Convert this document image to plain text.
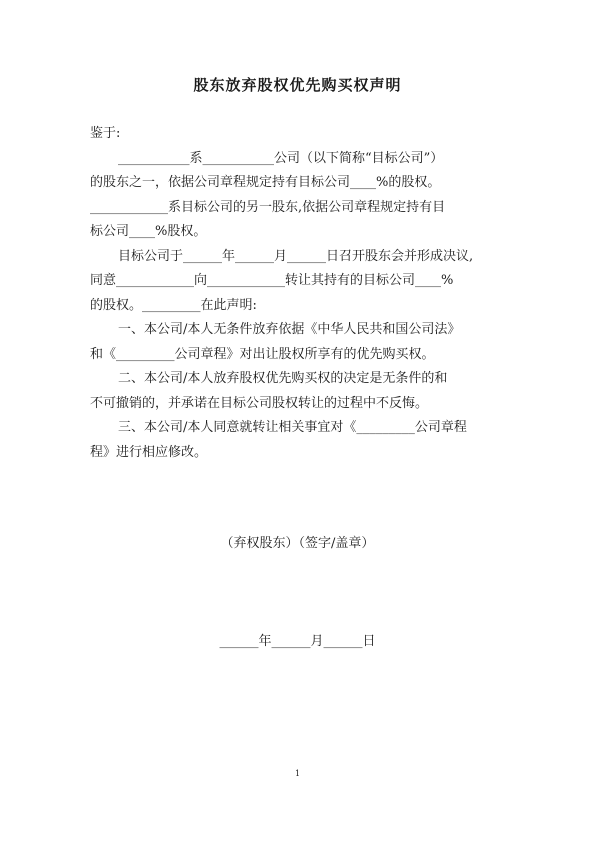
股东放弃股权优先购买权声明

鉴于:

___________系___________公司（以下简称“目标公司”）

的股东之一，依据公司章程规定持有目标公司____%的股权。

____________系目标公司的另一股东,依据公司章程规定持有目

标公司____%股权。

目标公司于______年______月______日召开股东会并形成决议,

同意____________向____________转让其持有的目标公司____%

的股权。_________在此声明:

一、本公司/本人无条件放弃依据《中华人民共和国公司法》

和《_________公司章程》对出让股权所享有的优先购买权。

二、本公司/本人放弃股权优先购买权的决定是无条件的和

不可撤销的，并承诺在目标公司股权转让的过程中不反悔。

三、本公司/本人同意就转让相关事宜对《_________公司章程

程》进行相应修改。

（弃权股东）（签字/盖章）
______年______月______日
1
